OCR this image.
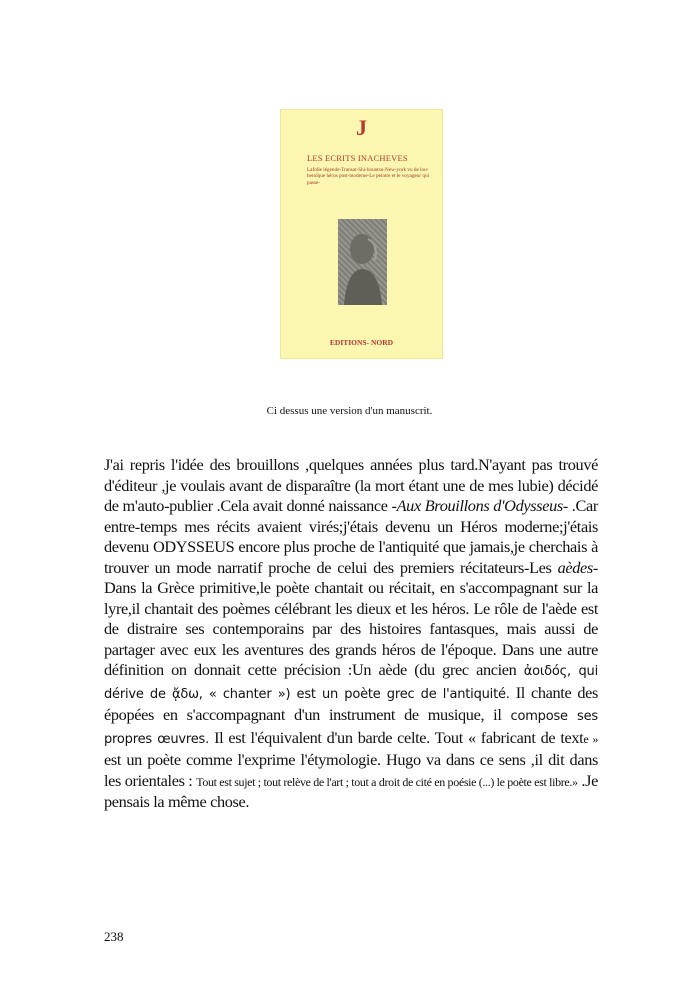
J
LES ECRITS INACHEVES
Lafolle légende-Transat-Shi-hountsu-New-york vu de lou-heroïque héros post-moderne-Le peintre et le voyageur qui passe-
EDITIONS- NORD
Ci dessus une version d'un manuscrit.
J'ai repris l'idée des brouillons ,quelques années plus tard.N'ayant pas trouvé d'éditeur ,je voulais avant de disparaître (la mort étant une de mes lubie) décidé de m'auto-publier .Cela avait donné naissance -Aux Brouillons d'Odysseus- .Car entre-temps mes récits avaient virés;j'étais devenu un Héros moderne;j'étais devenu ODYSSEUS encore plus proche de l'antiquité que jamais,je cherchais à trouver un mode narratif proche de celui des premiers récitateurs-Les aèdes- Dans la Grèce primitive,le poète chantait ou récitait, en s'accompagnant sur la lyre,il chantait des poèmes célébrant les dieux et les héros. Le rôle de l'aède est de distraire ses contemporains par des histoires fantasques, mais aussi de partager avec eux les aventures des grands héros de l'époque. Dans une autre définition on donnait cette précision :Un aède (du grec ancien ἀοιδός, qui dérive de ᾄδω, « chanter ») est un poète grec de l'antiquité. Il chante des épopées en s'accompagnant d'un instrument de musique, il compose ses propres œuvres. Il est l'équivalent d'un barde celte. Tout « fabricant de texte » est un poète comme l'exprime l'étymologie. Hugo va dans ce sens ,il dit dans les orientales : Tout est sujet ; tout relève de l'art ; tout a droit de cité en poésie (...) le poète est libre.» .Je pensais la même chose.
238
